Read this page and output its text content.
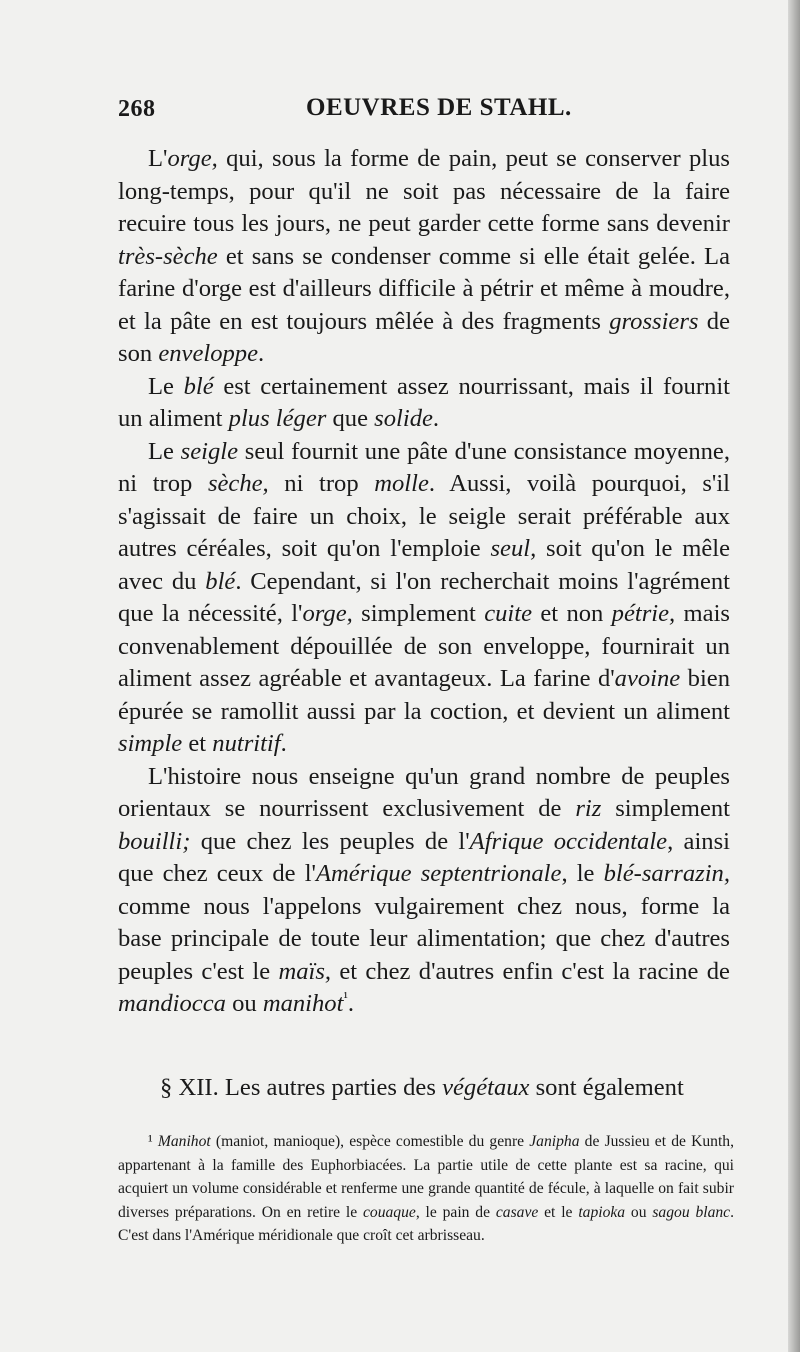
268	OEUVRES DE STAHL.

L'orge, qui, sous la forme de pain, peut se conserver plus long-temps, pour qu'il ne soit pas nécessaire de la faire recuire tous les jours, ne peut garder cette forme sans devenir très-sèche et sans se condenser comme si elle était gelée. La farine d'orge est d'ailleurs difficile à pétrir et même à moudre, et la pâte en est toujours mêlée à des fragments grossiers de son enveloppe.

Le blé est certainement assez nourrissant, mais il fournit un aliment plus léger que solide.

Le seigle seul fournit une pâte d'une consistance moyenne, ni trop sèche, ni trop molle. Aussi, voilà pourquoi, s'il s'agissait de faire un choix, le seigle serait préférable aux autres céréales, soit qu'on l'emploie seul, soit qu'on le mêle avec du blé. Cependant, si l'on recherchait moins l'agrément que la nécessité, l'orge, simplement cuite et non pétrie, mais convenablement dépouillée de son enveloppe, fournirait un aliment assez agréable et avantageux. La farine d'avoine bien épurée se ramollit aussi par la coction, et devient un aliment simple et nutritif.

L'histoire nous enseigne qu'un grand nombre de peuples orientaux se nourrissent exclusivement de riz simplement bouilli; que chez les peuples de l'Afrique occidentale, ainsi que chez ceux de l'Amérique septentrionale, le blé-sarrazin, comme nous l'appelons vulgairement chez nous, forme la base principale de toute leur alimentation; que chez d'autres peuples c'est le maïs, et chez d'autres enfin c'est la racine de mandiocca ou manihot$^{^1}$.

§ XII. Les autres parties des végétaux sont également

¹ Manihot (maniot, manioque), espèce comestible du genre Janipha de Jussieu et de Kunth, appartenant à la famille des Euphorbiacées. La partie utile de cette plante est sa racine, qui acquiert un volume considérable et renferme une grande quantité de fécule, à laquelle on fait subir diverses préparations. On en retire le couaque, le pain de casave et le tapioka ou sagou blanc. C'est dans l'Amérique méridionale que croît cet arbrisseau.
